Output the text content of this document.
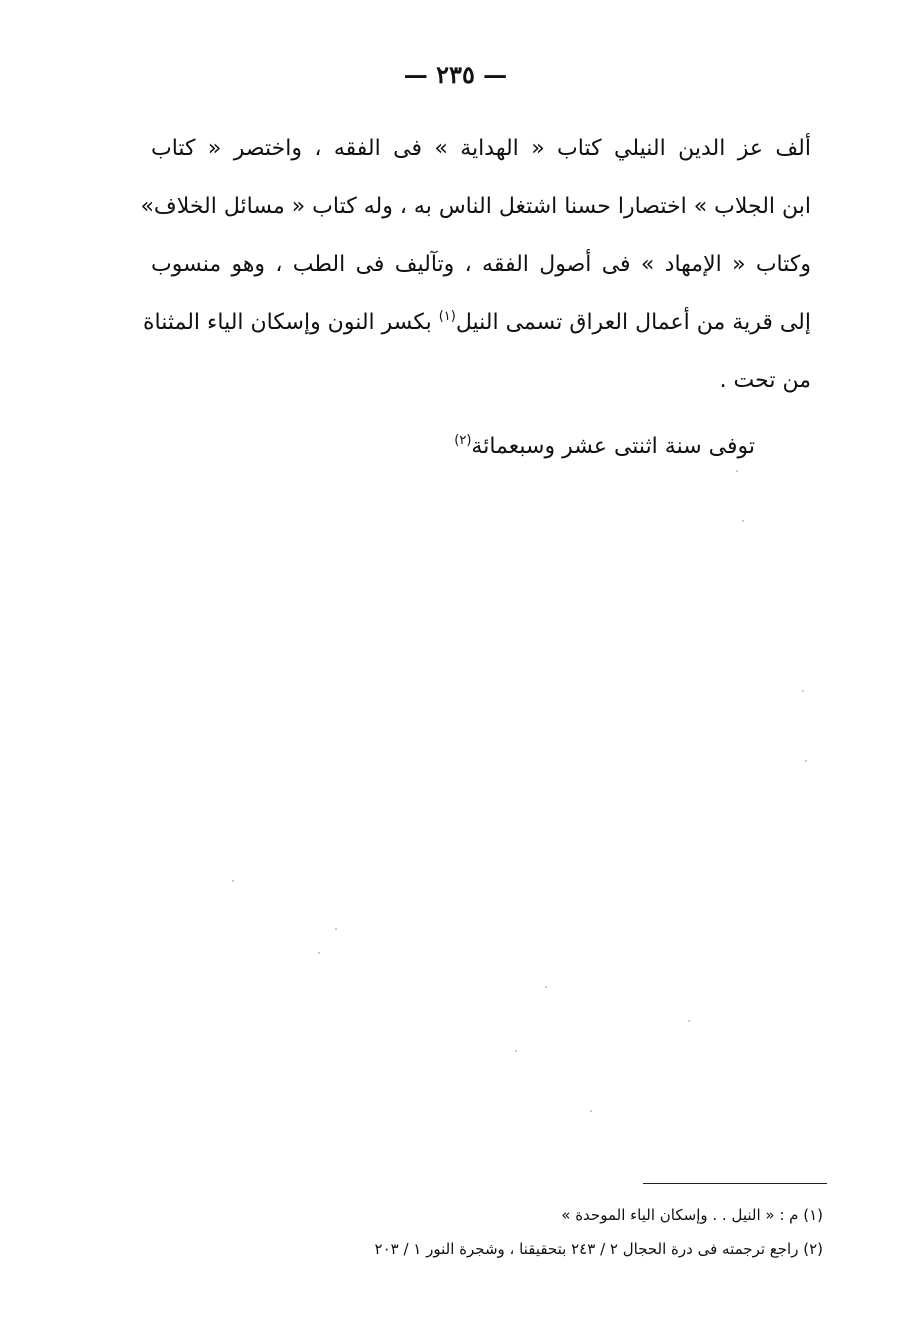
— ٢٣٥ —
ألف عز الدين النيلي كتاب « الهداية » فى الفقه ، واختصر « كتاب
ابن الجلاب » اختصارا حسنا اشتغل الناس به ، وله كتاب « مسائل الخلاف»
وكتاب « الإمهاد » فى أصول الفقه ، وتآليف فى الطب ، وهو منسوب
إلى قرية من أعمال العراق تسمى النيل$^{(١)}$ بكسر النون وإسكان الياء المثناة
من تحت .
توفى سنة اثنتى عشر وسبعمائة$^{(٢)}$
(١) م : « النيل . . وإسكان الياء الموحدة »
(٢) راجع ترجمته فى درة الحجال ٢ / ٢٤٣ بتحقيقنا ، وشجرة النور ١ / ٢٠٣
